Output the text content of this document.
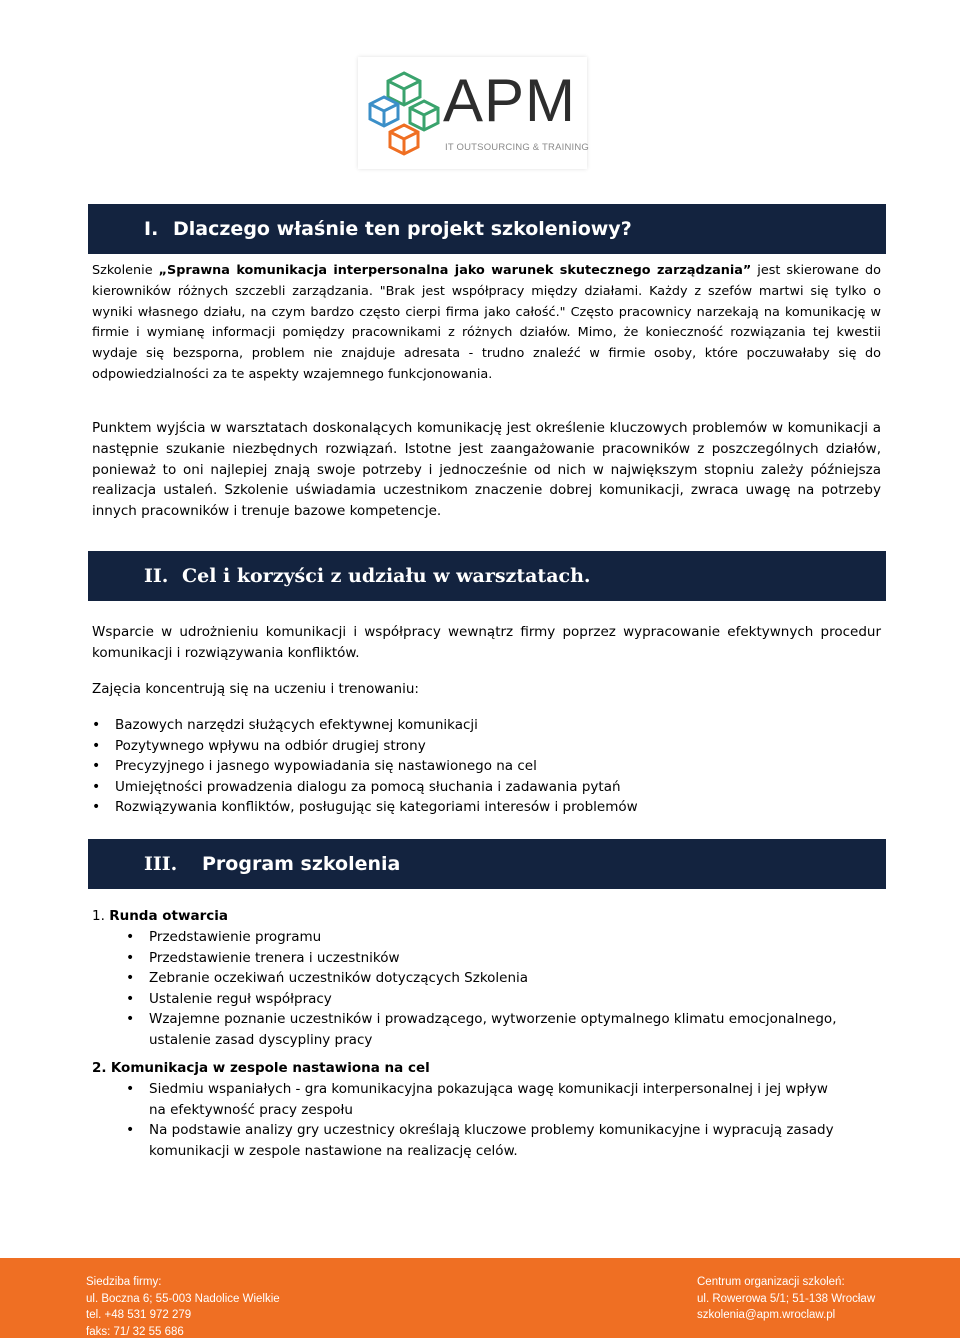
APM
IT OUTSOURCING & TRAINING
I. Dlaczego właśnie ten projekt szkoleniowy?

Szkolenie „Sprawna komunikacja interpersonalna jako warunek skutecznego zarządzania” jest skierowane do kierowników różnych szczebli zarządzania. "Brak jest współpracy między działami. Każdy z szefów martwi się tylko o wyniki własnego działu, na czym bardzo często cierpi firma jako całość." Często pracownicy narzekają na komunikację w firmie i wymianę informacji pomiędzy pracownikami z różnych działów. Mimo, że konieczność rozwiązania tej kwestii wydaje się bezsporna, problem nie znajduje adresata - trudno znaleźć w firmie osoby, które poczuwałaby się do odpowiedzialności za te aspekty wzajemnego funkcjonowania.

Punktem wyjścia w warsztatach doskonalących komunikację jest określenie kluczowych problemów w komunikacji a następnie szukanie niezbędnych rozwiązań. Istotne jest zaangażowanie pracowników z poszczególnych działów, ponieważ to oni najlepiej znają swoje potrzeby i jednocześnie od nich w największym stopniu zależy późniejsza realizacja ustaleń. Szkolenie uświadamia uczestnikom znaczenie dobrej komunikacji, zwraca uwagę na potrzeby innych pracowników i trenuje bazowe kompetencje.

II. Cel i korzyści z udziału w warsztatach.

Wsparcie w udrożnieniu komunikacji i współpracy wewnątrz firmy poprzez wypracowanie efektywnych procedur komunikacji i rozwiązywania konfliktów.

Zajęcia koncentrują się na uczeniu i trenowaniu:

• Bazowych narzędzi służących efektywnej komunikacji
• Pozytywnego wpływu na odbiór drugiej strony
• Precyzyjnego i jasnego wypowiadania się nastawionego na cel
• Umiejętności prowadzenia dialogu za pomocą słuchania i zadawania pytań
• Rozwiązywania konfliktów, posługując się kategoriami interesów i problemów
III.	Program szkolenia
1. Runda otwarcia
• Przedstawienie programu
• Przedstawienie trenera i uczestników
• Zebranie oczekiwań uczestników dotyczących Szkolenia
• Ustalenie reguł współpracy
• Wzajemne poznanie uczestników i prowadzącego, wytworzenie optymalnego klimatu emocjonalnego, ustalenie zasad dyscypliny pracy
2. Komunikacja w zespole nastawiona na cel
• Siedmiu wspaniałych - gra komunikacyjna pokazująca wagę komunikacji interpersonalnej i jej wpływ na efektywność pracy zespołu
• Na podstawie analizy gry uczestnicy określają kluczowe problemy komunikacyjne i wypracują zasady komunikacji w zespole nastawione na realizację celów.
Siedziba firmy:
ul. Boczna 6; 55-003 Nadolice Wielkie
tel. +48 531 972 279
faks: 71/ 32 55 686
Centrum organizacji szkoleń:
ul. Rowerowa 5/1; 51-138 Wrocław
szkolenia@apm.wroclaw.pl
